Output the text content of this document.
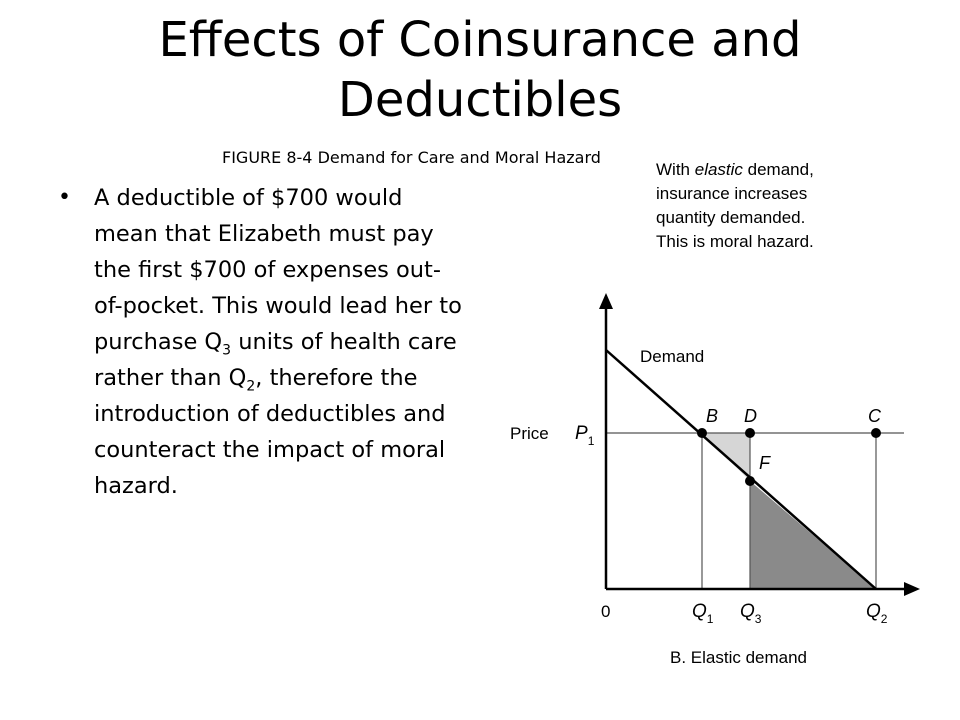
Effects of Coinsurance and Deductibles
FIGURE 8-4 Demand for Care and Moral Hazard
• A deductible of $700 would mean that Elizabeth must pay the first $700 of expenses out-of-pocket. This would lead her to purchase $Q_3$ units of health care rather than $Q_2$, therefore the introduction of deductibles and counteract the impact of moral hazard.
With elastic demand,
insurance increases
quantity demanded.
This is moral hazard.
Demand
Price $P_1$
B D	C
F
0	$Q_1$ $Q_3$	$Q_2$
B. Elastic demand
